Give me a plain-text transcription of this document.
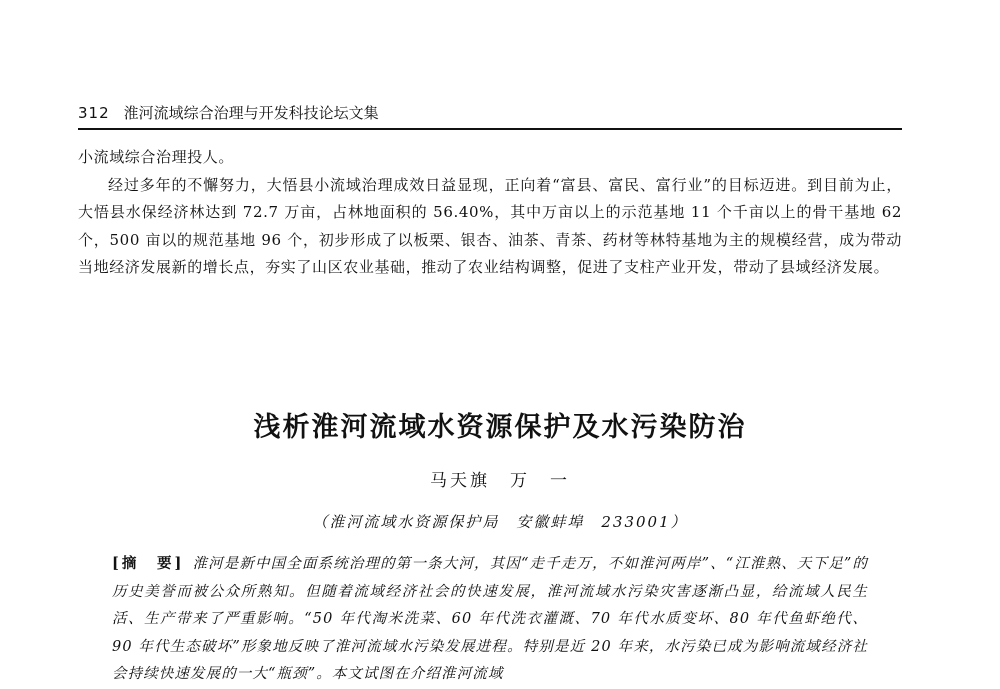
312 淮河流域综合治理与开发科技论坛文集

小流域综合治理投人。

经过多年的不懈努力，大悟县小流域治理成效日益显现，正向着“富县、富民、富行业”的目标迈进。到目前为止，大悟县水保经济林达到 72.7 万亩，占林地面积的 56.40%，其中万亩以上的示范基地 11 个千亩以上的骨干基地 62 个，500 亩以的规范基地 96 个，初步形成了以板栗、银杏、油茶、青茶、药材等林特基地为主的规模经营，成为带动当地经济发展新的增长点，夯实了山区农业基础，推动了农业结构调整，促进了支柱产业开发，带动了县域经济发展。

浅析淮河流域水资源保护及水污染防治
马天旗　万　一
（淮河流域水资源保护局　安徽蚌埠　233001）
[摘　要] 淮河是新中国全面系统治理的第一条大河，其因“走千走万，不如淮河两岸”、“江淮熟、天下足”的历史美誉而被公众所熟知。但随着流域经济社会的快速发展，淮河流域水污染灾害逐渐凸显，给流域人民生活、生产带来了严重影响。“50 年代淘米洗菜、60 年代洗衣灌溉、70 年代水质变坏、80 年代鱼虾绝代、90 年代生态破坏”形象地反映了淮河流域水污染发展进程。特别是近 20 年来，水污染已成为影响流域经济社会持续快速发展的一大“瓶颈”。本文试图在介绍淮河流域
